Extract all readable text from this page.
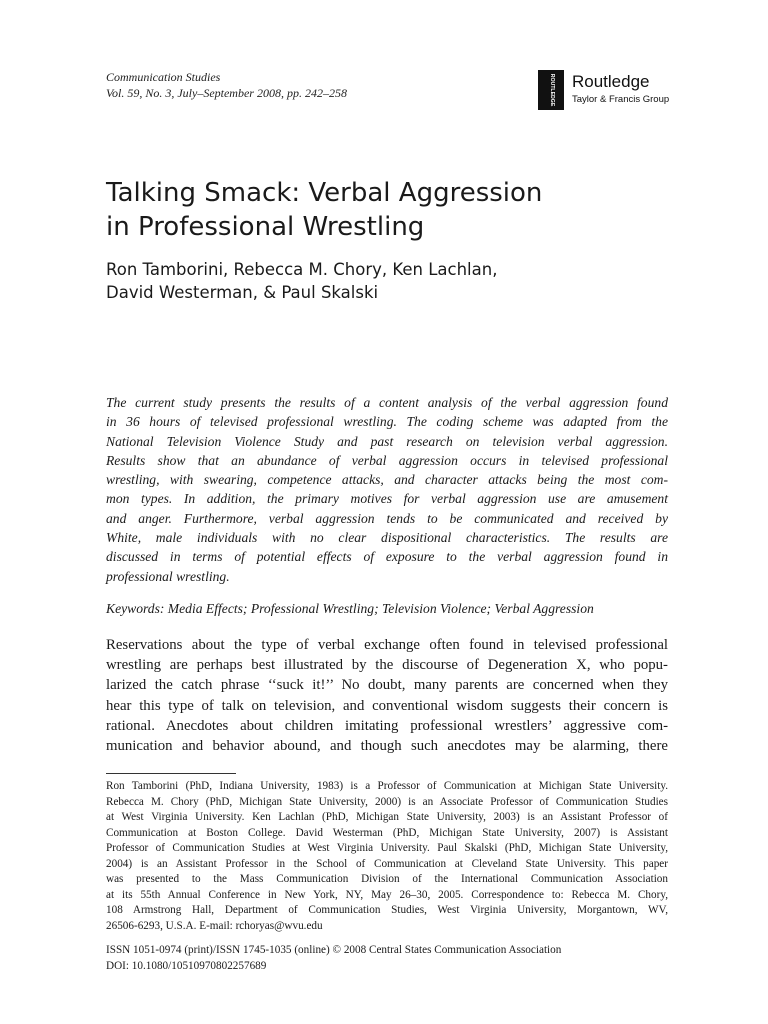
Communication Studies
Vol. 59, No. 3, July–September 2008, pp. 242–258	ROUTLEDGE Routledge
Taylor & Francis Group
Talking Smack: Verbal Aggression
in Professional Wrestling
Ron Tamborini, Rebecca M. Chory, Ken Lachlan,
David Westerman, & Paul Skalski
The current study presents the results of a content analysis of the verbal aggression found
in 36 hours of televised professional wrestling. The coding scheme was adapted from the
National Television Violence Study and past research on television verbal aggression.
Results show that an abundance of verbal aggression occurs in televised professional
wrestling, with swearing, competence attacks, and character attacks being the most com-
mon types. In addition, the primary motives for verbal aggression use are amusement
and anger. Furthermore, verbal aggression tends to be communicated and received by
White, male individuals with no clear dispositional characteristics. The results are
discussed in terms of potential effects of exposure to the verbal aggression found in
professional wrestling.
Keywords: Media Effects; Professional Wrestling; Television Violence; Verbal Aggression
Reservations about the type of verbal exchange often found in televised professional
wrestling are perhaps best illustrated by the discourse of Degeneration X, who popu-
larized the catch phrase ‘‘suck it!’’ No doubt, many parents are concerned when they
hear this type of talk on television, and conventional wisdom suggests their concern is
rational. Anecdotes about children imitating professional wrestlers’ aggressive com-
munication and behavior abound, and though such anecdotes may be alarming, there
Ron Tamborini (PhD, Indiana University, 1983) is a Professor of Communication at Michigan State University.
Rebecca M. Chory (PhD, Michigan State University, 2000) is an Associate Professor of Communication Studies
at West Virginia University. Ken Lachlan (PhD, Michigan State University, 2003) is an Assistant Professor of
Communication at Boston College. David Westerman (PhD, Michigan State University, 2007) is Assistant
Professor of Communication Studies at West Virginia University. Paul Skalski (PhD, Michigan State University,
2004) is an Assistant Professor in the School of Communication at Cleveland State University. This paper
was presented to the Mass Communication Division of the International Communication Association
at its 55th Annual Conference in New York, NY, May 26–30, 2005. Correspondence to: Rebecca M. Chory,
108 Armstrong Hall, Department of Communication Studies, West Virginia University, Morgantown, WV,
26506-6293, U.S.A. E-mail: rchoryas@wvu.edu
ISSN 1051-0974 (print)/ISSN 1745-1035 (online) © 2008 Central States Communication Association
DOI: 10.1080/10510970802257689
